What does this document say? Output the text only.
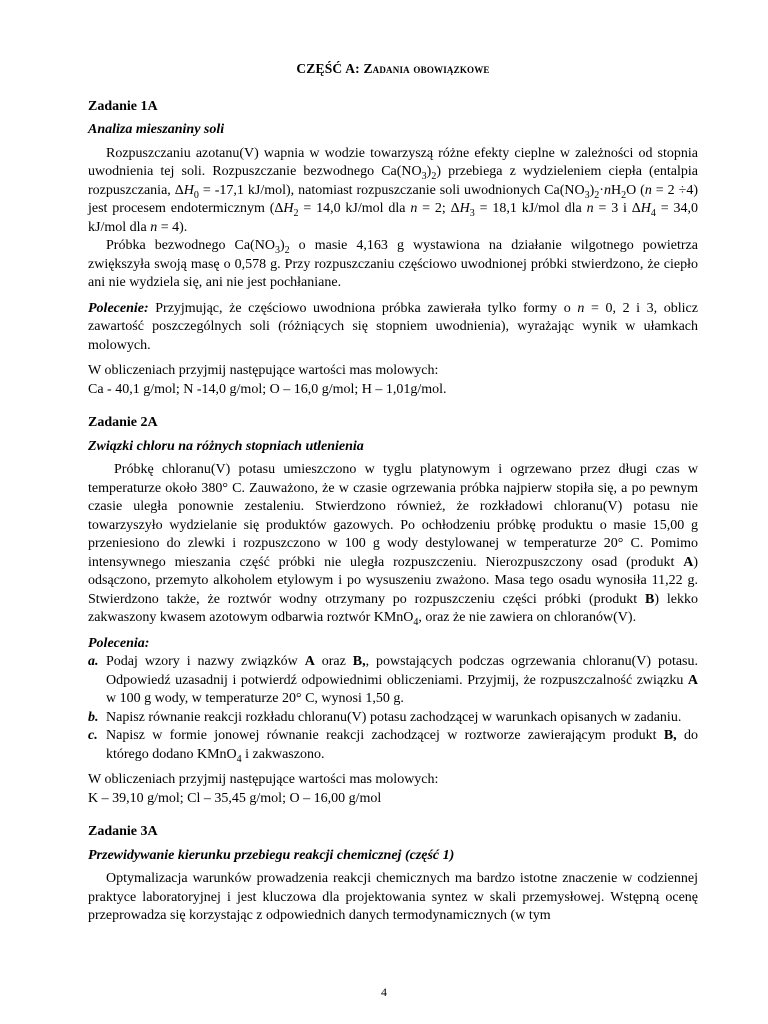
CZĘŚĆ A: Zadania obowiązkowe
Zadanie 1A
Analiza mieszaniny soli

Rozpuszczaniu azotanu(V) wapnia w wodzie towarzyszą różne efekty cieplne w zależności od stopnia uwodnienia tej soli. Rozpuszczanie bezwodnego $Ca(NO_3)_2$) przebiega z wydzieleniem ciepła (entalpia rozpuszczania, $\Delta H_0 = -17,1$ kJ/mol), natomiast rozpuszczanie soli uwodnionych $Ca(NO_3)_2\cdot nH_2O$ (n = 2 ÷4) jest procesem endotermicznym ($\Delta H_2 = 14,0$ kJ/mol dla n = 2; $\Delta H_3 = 18,1$ kJ/mol dla n = 3 i $\Delta H_4 = 34,0$ kJ/mol dla n = 4).

Próbka bezwodnego $Ca(NO_3)_2$ o masie 4,163 g wystawiona na działanie wilgotnego powietrza zwiększyła swoją masę o 0,578 g. Przy rozpuszczaniu częściowo uwodnionej próbki stwierdzono, że ciepło ani nie wydziela się, ani nie jest pochłaniane.

Polecenie: Przyjmując, że częściowo uwodniona próbka zawierała tylko formy o n = 0, 2 i 3, oblicz zawartość poszczególnych soli (różniących się stopniem uwodnienia), wyrażając wynik w ułamkach molowych.

W obliczeniach przyjmij następujące wartości mas molowych:

Ca - 40,1 g/mol; N -14,0 g/mol; O – 16,0 g/mol; H – 1,01g/mol.

Zadanie 2A
Związki chloru na różnych stopniach utlenienia

Próbkę chloranu(V) potasu umieszczono w tyglu platynowym i ogrzewano przez długi czas w temperaturze około 380° C. Zauważono, że w czasie ogrzewania próbka najpierw stopiła się, a po pewnym czasie uległa ponownie zestaleniu. Stwierdzono również, że rozkładowi chloranu(V) potasu nie towarzyszyło wydzielanie się produktów gazowych. Po ochłodzeniu próbkę produktu o masie 15,00 g przeniesiono do zlewki i rozpuszczono w 100 g wody destylowanej w temperaturze 20° C. Pomimo intensywnego mieszania część próbki nie uległa rozpuszczeniu. Nierozpuszczony osad (produkt A) odsączono, przemyto alkoholem etylowym i po wysuszeniu zważono. Masa tego osadu wynosiła 11,22 g. Stwierdzono także, że roztwór wodny otrzymany po rozpuszczeniu części próbki (produkt B) lekko zakwaszony kwasem azotowym odbarwia roztwór KMnO$_4$, oraz że nie zawiera on chloranów(V).

Polecenia:
a. Podaj wzory i nazwy związków A oraz B,, powstających podczas ogrzewania chloranu(V) potasu. Odpowiedź uzasadnij i potwierdź odpowiednimi obliczeniami. Przyjmij, że rozpuszczalność związku A w 100 g wody, w temperaturze 20° C, wynosi 1,50 g.
b. Napisz równanie reakcji rozkładu chloranu(V) potasu zachodzącej w warunkach opisanych w zadaniu.
c. Napisz w formie jonowej równanie reakcji zachodzącej w roztworze zawierającym produkt B, do którego dodano KMnO$_4$ i zakwaszono.

W obliczeniach przyjmij następujące wartości mas molowych:

K – 39,10 g/mol; Cl – 35,45 g/mol; O – 16,00 g/mol

Zadanie 3A
Przewidywanie kierunku przebiegu reakcji chemicznej (część 1)

Optymalizacja warunków prowadzenia reakcji chemicznych ma bardzo istotne znaczenie w codziennej praktyce laboratoryjnej i jest kluczowa dla projektowania syntez w skali przemysłowej. Wstępną ocenę przeprowadza się korzystając z odpowiednich danych termodynamicznych (w tym

4
